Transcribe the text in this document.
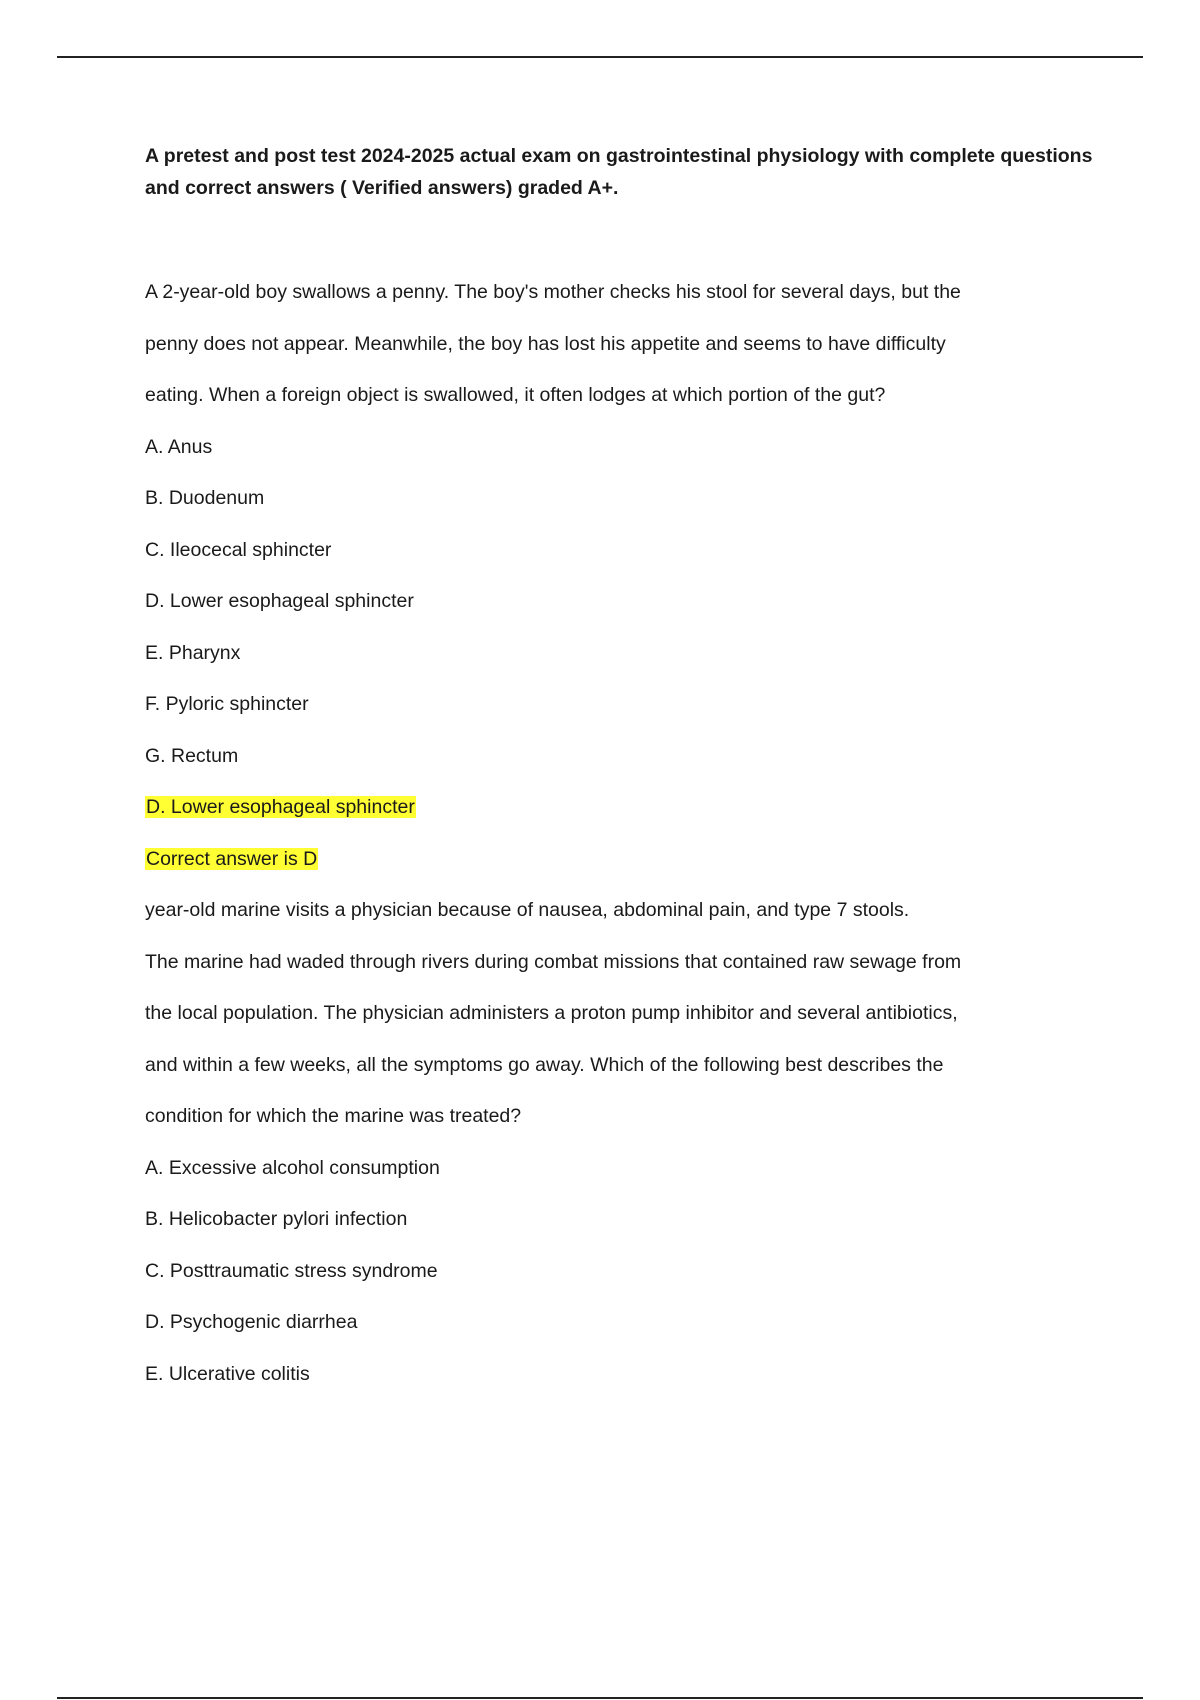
A pretest and post test 2024-2025 actual exam on gastrointestinal physiology with complete questions and correct answers ( Verified answers) graded A+.

A 2-year-old boy swallows a penny. The boy's mother checks his stool for several days, but the

penny does not appear. Meanwhile, the boy has lost his appetite and seems to have difficulty

eating. When a foreign object is swallowed, it often lodges at which portion of the gut?

A. Anus

B. Duodenum

C. Ileocecal sphincter

D. Lower esophageal sphincter

E. Pharynx

F. Pyloric sphincter

G. Rectum

D. Lower esophageal sphincter

Correct answer is D

year-old marine visits a physician because of nausea, abdominal pain, and type 7 stools.

The marine had waded through rivers during combat missions that contained raw sewage from

the local population. The physician administers a proton pump inhibitor and several antibiotics,

and within a few weeks, all the symptoms go away. Which of the following best describes the

condition for which the marine was treated?

A. Excessive alcohol consumption

B. Helicobacter pylori infection

C. Posttraumatic stress syndrome

D. Psychogenic diarrhea

E. Ulcerative colitis
